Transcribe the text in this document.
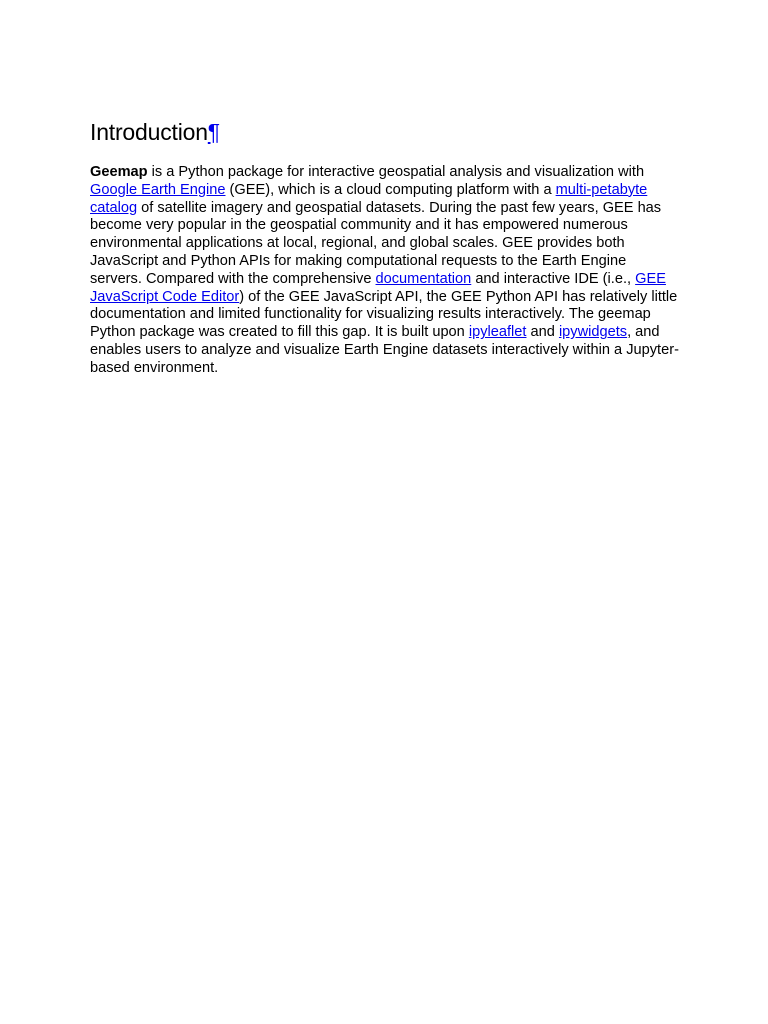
Introduction¶

Geemap is a Python package for interactive geospatial analysis and visualization with Google Earth Engine (GEE), which is a cloud computing platform with a multi-petabyte catalog of satellite imagery and geospatial datasets. During the past few years, GEE has become very popular in the geospatial community and it has empowered numerous environmental applications at local, regional, and global scales. GEE provides both JavaScript and Python APIs for making computational requests to the Earth Engine servers. Compared with the comprehensive documentation and interactive IDE (i.e., GEE JavaScript Code Editor) of the GEE JavaScript API, the GEE Python API has relatively little documentation and limited functionality for visualizing results interactively. The geemap Python package was created to fill this gap. It is built upon ipyleaflet and ipywidgets, and enables users to analyze and visualize Earth Engine datasets interactively within a Jupyter-based environment.
